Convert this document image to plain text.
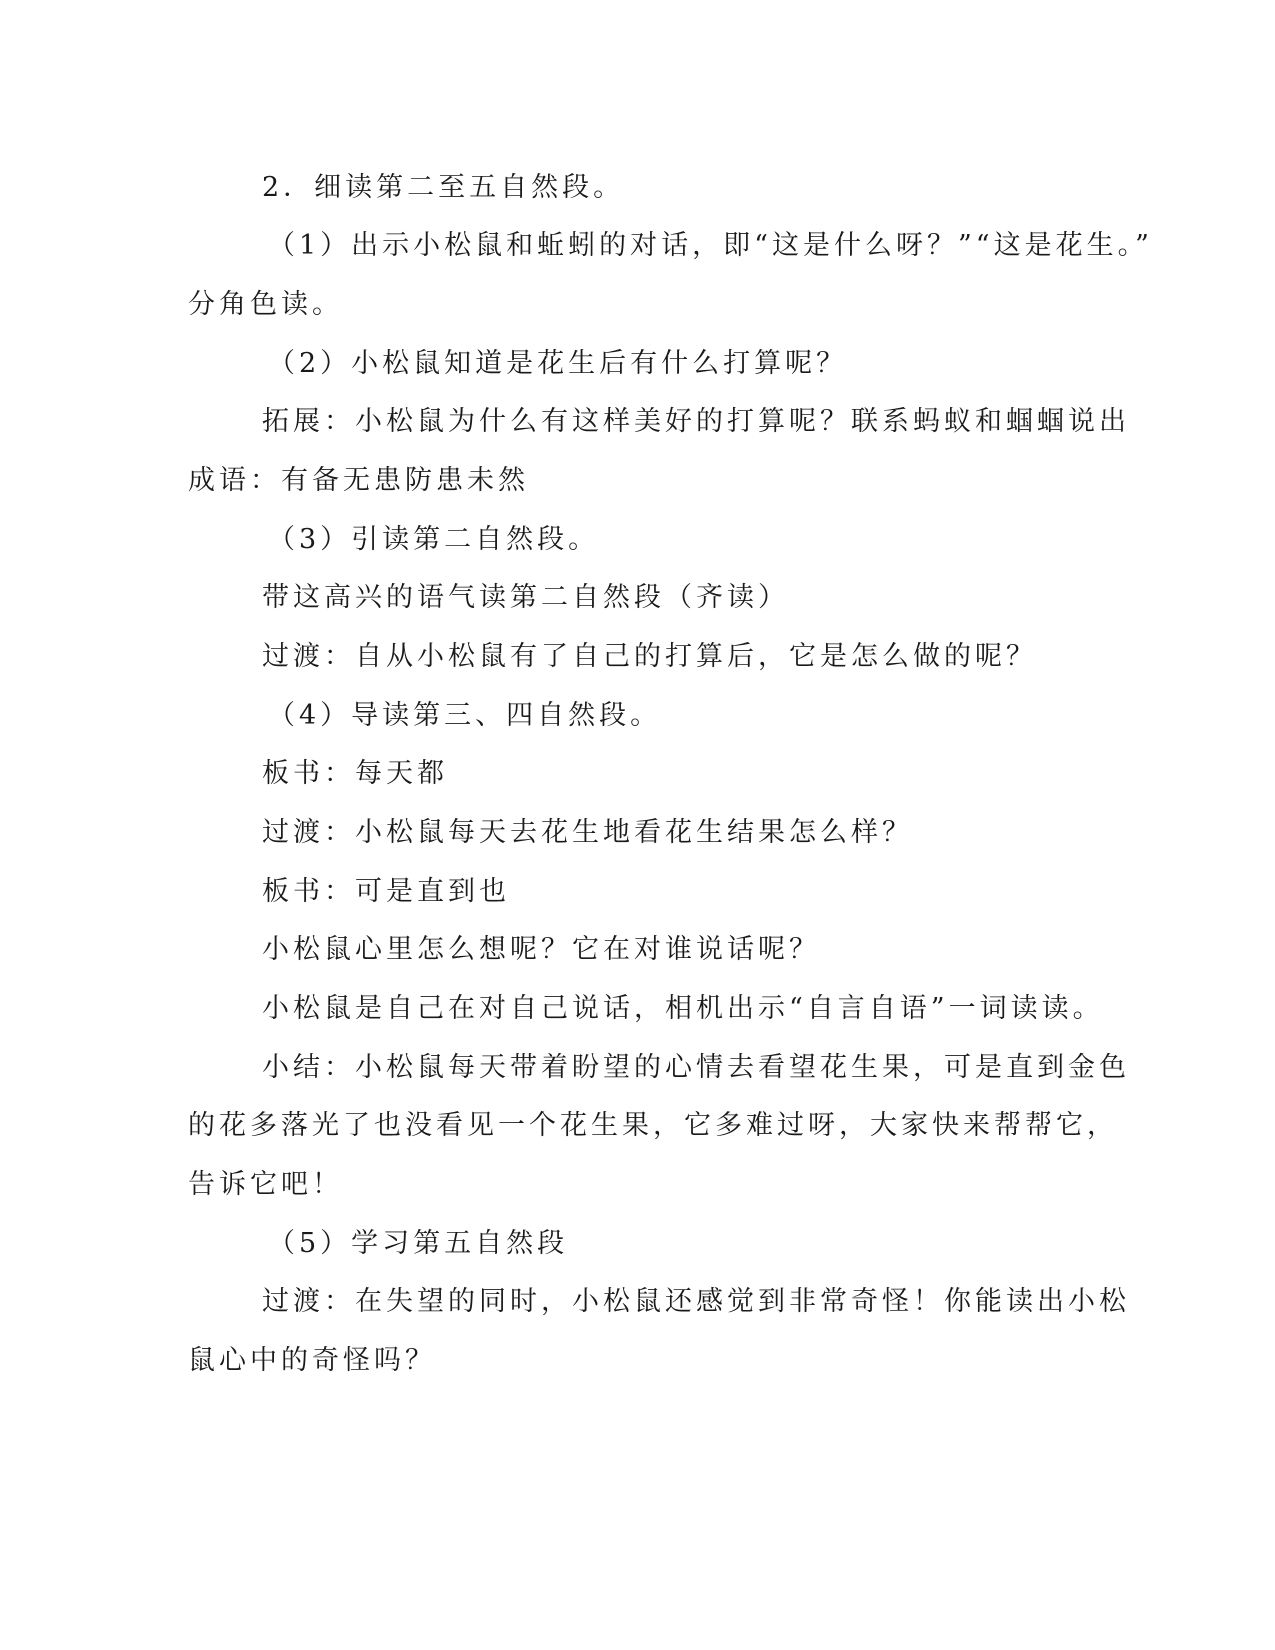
2．细读第二至五自然段。
（1）出示小松鼠和蚯蚓的对话，即“这是什么呀？”“这是花生。”
分角色读。
（2）小松鼠知道是花生后有什么打算呢？
拓展：小松鼠为什么有这样美好的打算呢？联系蚂蚁和蝈蝈说出
成语：有备无患防患未然
（3）引读第二自然段。
带这高兴的语气读第二自然段（齐读）
过渡：自从小松鼠有了自己的打算后，它是怎么做的呢？
（4）导读第三、四自然段。
板书：每天都
过渡：小松鼠每天去花生地看花生结果怎么样？
板书：可是直到也
小松鼠心里怎么想呢？它在对谁说话呢？
小松鼠是自己在对自己说话，相机出示“自言自语”一词读读。
小结：小松鼠每天带着盼望的心情去看望花生果，可是直到金色
的花多落光了也没看见一个花生果，它多难过呀，大家快来帮帮它，
告诉它吧！
（5）学习第五自然段
过渡：在失望的同时，小松鼠还感觉到非常奇怪！你能读出小松
鼠心中的奇怪吗？
